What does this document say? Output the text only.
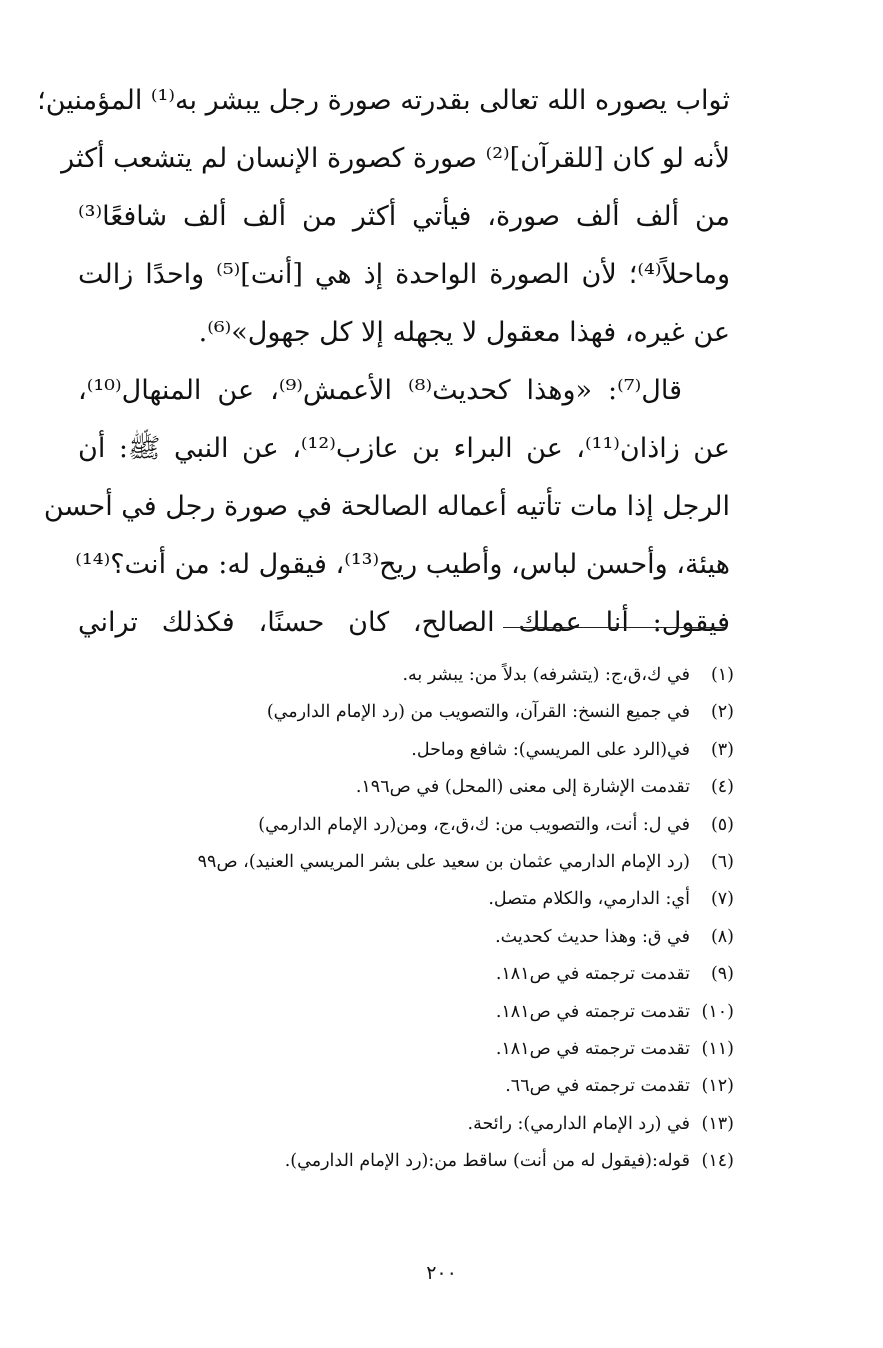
ثواب يصوره الله تعالى بقدرته صورة رجل يبشر به⁽¹⁾ المؤمنين؛
لأنه لو كان [للقرآن]⁽²⁾ صورة كصورة الإنسان لم يتشعب أكثر
من ألف ألف صورة، فيأتي أكثر من ألف ألف شافعًا⁽³⁾
وماحلاً⁽⁴⁾؛ لأن الصورة الواحدة إذ هي [أنت]⁽⁵⁾ واحدًا زالت
عن غيره، فهذا معقول لا يجهله إلا كل جهول»⁽⁶⁾.
قال⁽⁷⁾: «وهذا كحديث⁽⁸⁾ الأعمش⁽⁹⁾، عن المنهال⁽¹⁰⁾،
عن زاذان⁽¹¹⁾، عن البراء بن عازب⁽¹²⁾، عن النبي ﷺ: أن
الرجل إذا مات تأتيه أعماله الصالحة في صورة رجل في أحسن
هيئة، وأحسن لباس، وأطيب ريح⁽¹³⁾، فيقول له: من أنت؟⁽¹⁴⁾
فيقول: أنا عملك الصالح، كان حسنًا، فكذلك تراني
(١)
في ك،ق،ج: (يتشرفه) بدلاً من: يبشر به.
(٢)
في جميع النسخ: القرآن، والتصويب من (رد الإمام الدارمي)
(٣)
في(الرد على المريسي): شافع وماحل.
(٤)
تقدمت الإشارة إلى معنى (المحل) في ص١٩٦.
(٥)
في ل: أنت، والتصويب من: ك،ق،ج، ومن(رد الإمام الدارمي)
(٦)
(رد الإمام الدارمي عثمان بن سعيد على بشر المريسي العنيد)، ص٩٩
(٧)
أي: الدارمي، والكلام متصل.
(٨)
في ق: وهذا حديث كحديث.
(٩)
تقدمت ترجمته في ص١٨١.
(١٠)
تقدمت ترجمته في ص١٨١.
(١١)
تقدمت ترجمته في ص١٨١.
(١٢)
تقدمت ترجمته في ص٦٦.
(١٣)
في (رد الإمام الدارمي): رائحة.
(١٤)
قوله:(فيقول له من أنت) ساقط من:(رد الإمام الدارمي).
٢٠٠
